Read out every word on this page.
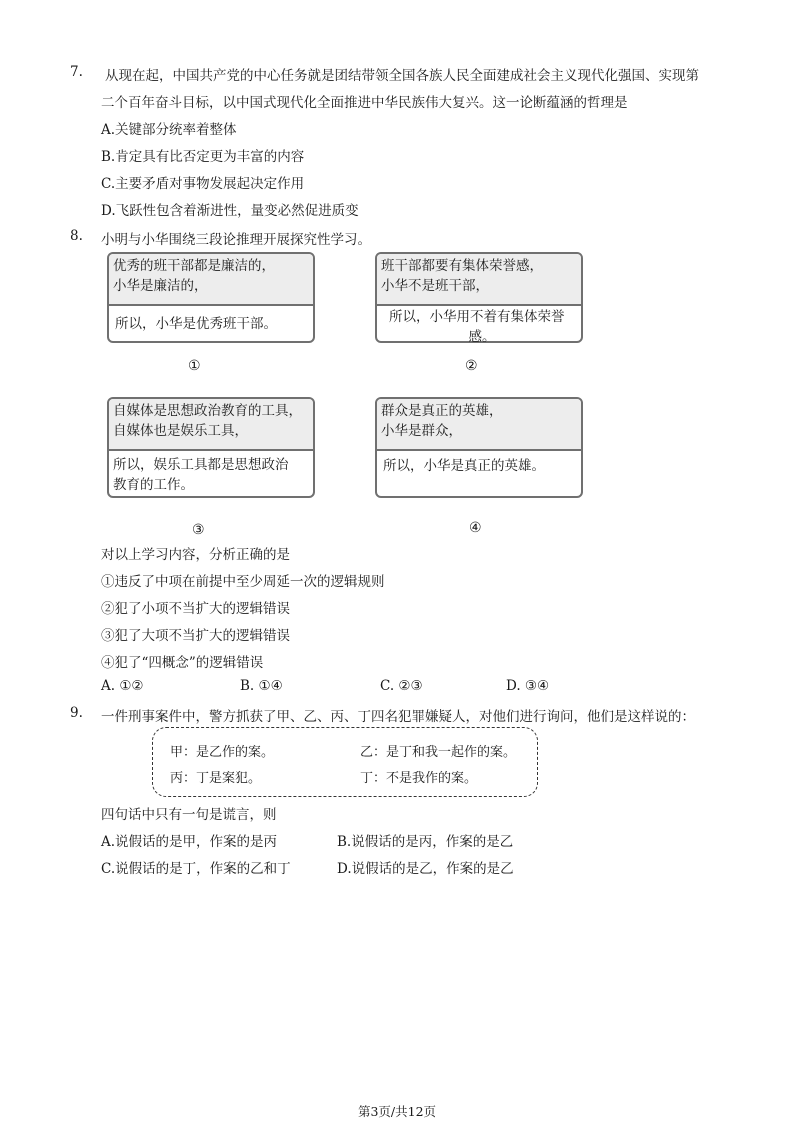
7. 从现在起，中国共产党的中心任务就是团结带领全国各族人民全面建成社会主义现代化强国、实现第
二个百年奋斗目标，以中国式现代化全面推进中华民族伟大复兴。这一论断蕴涵的哲理是
A.关键部分统率着整体
B.肯定具有比否定更为丰富的内容
C.主要矛盾对事物发展起决定作用
D.飞跃性包含着渐进性，量变必然促进质变
8. 小明与小华围绕三段论推理开展探究性学习。
优秀的班干部都是廉洁的，
小华是廉洁的，
所以，小华是优秀班干部。
①
班干部都要有集体荣誉感，
小华不是班干部，
所以，小华用不着有集体荣誉
感。
②
自媒体是思想政治教育的工具，
自媒体也是娱乐工具，
所以，娱乐工具都是思想政治
教育的工作。
③
群众是真正的英雄，
小华是群众，
所以，小华是真正的英雄。
④
对以上学习内容，分析正确的是
①违反了中项在前提中至少周延一次的逻辑规则
②犯了小项不当扩大的逻辑错误
③犯了大项不当扩大的逻辑错误
④犯了“四概念”的逻辑错误
A. ①②	B. ①④	C. ②③	D. ③④
9. 一件刑事案件中，警方抓获了甲、乙、丙、丁四名犯罪嫌疑人，对他们进行询问，他们是这样说的：
甲：是乙作的案。	乙：是丁和我一起作的案。
丙：丁是案犯。	丁：不是我作的案。
四句话中只有一句是谎言，则
A.说假话的是甲，作案的是丙	B.说假话的是丙，作案的是乙
C.说假话的是丁，作案的乙和丁	D.说假话的是乙，作案的是乙
第3页/共12页
